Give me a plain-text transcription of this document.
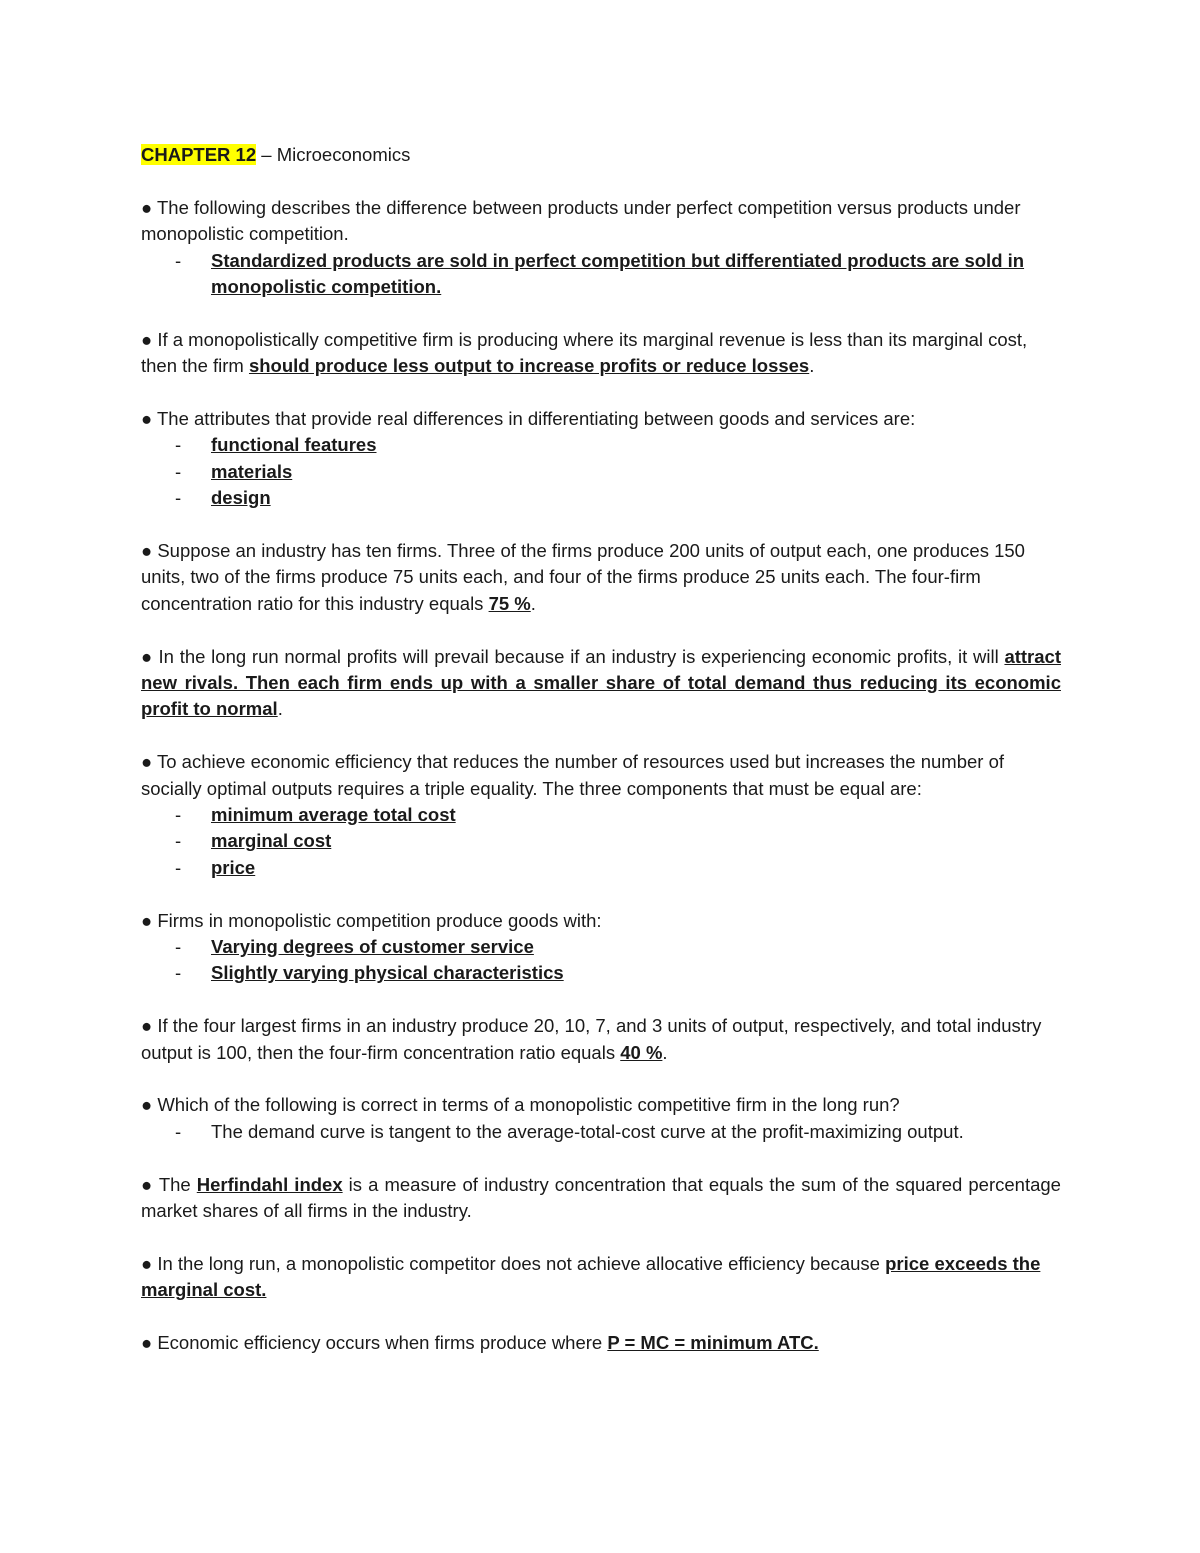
CHAPTER 12 – Microeconomics

● The following describes the difference between products under perfect competition versus products under monopolistic competition.

- Standardized products are sold in perfect competition but differentiated products are sold in monopolistic competition.

● If a monopolistically competitive firm is producing where its marginal revenue is less than its marginal cost, then the firm should produce less output to increase profits or reduce losses.

● The attributes that provide real differences in differentiating between goods and services are:

- functional features
- materials
- design

● Suppose an industry has ten firms. Three of the firms produce 200 units of output each, one produces 150 units, two of the firms produce 75 units each, and four of the firms produce 25 units each. The four-firm concentration ratio for this industry equals 75 %.

● In the long run normal profits will prevail because if an industry is experiencing economic profits, it will attract new rivals. Then each firm ends up with a smaller share of total demand thus reducing its economic profit to normal.

● To achieve economic efficiency that reduces the number of resources used but increases the number of socially optimal outputs requires a triple equality. The three components that must be equal are:

- minimum average total cost
- marginal cost
- price

● Firms in monopolistic competition produce goods with:

- Varying degrees of customer service
- Slightly varying physical characteristics

● If the four largest firms in an industry produce 20, 10, 7, and 3 units of output, respectively, and total industry output is 100, then the four-firm concentration ratio equals 40 %.

● Which of the following is correct in terms of a monopolistic competitive firm in the long run?

- The demand curve is tangent to the average-total-cost curve at the profit-maximizing output.

● The Herfindahl index is a measure of industry concentration that equals the sum of the squared percentage market shares of all firms in the industry.

● In the long run, a monopolistic competitor does not achieve allocative efficiency because price exceeds the marginal cost.

● Economic efficiency occurs when firms produce where P = MC = minimum ATC.
